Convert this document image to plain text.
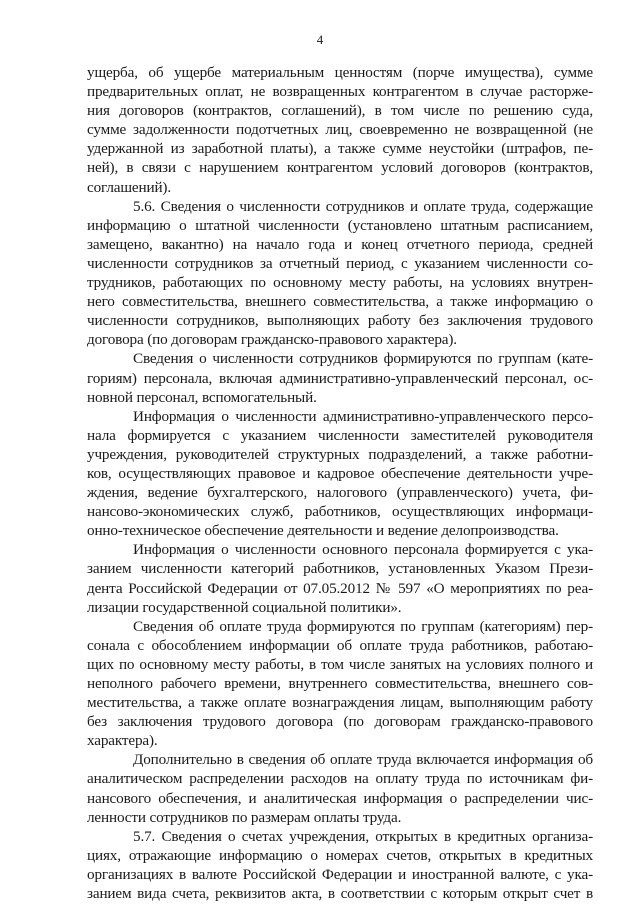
4
ущерба, об ущербе материальным ценностям (порче имущества), сумме
предварительных оплат, не возвращенных контрагентом в случае расторже-
ния договоров (контрактов, соглашений), в том числе по решению суда,
сумме задолженности подотчетных лиц, своевременно не возвращенной (не
удержанной из заработной платы), а также сумме неустойки (штрафов, пе-
ней), в связи с нарушением контрагентом условий договоров (контрактов,
соглашений).
5.6. Сведения о численности сотрудников и оплате труда, содержащие
информацию о штатной численности (установлено штатным расписанием,
замещено, вакантно) на начало года и конец отчетного периода, средней
численности сотрудников за отчетный период, с указанием численности со-
трудников, работающих по основному месту работы, на условиях внутрен-
него совместительства, внешнего совместительства, а также информацию о
численности сотрудников, выполняющих работу без заключения трудового
договора (по договорам гражданско-правового характера).
Сведения о численности сотрудников формируются по группам (кате-
гориям) персонала, включая административно-управленческий персонал, ос-
новной персонал, вспомогательный.
Информация о численности административно-управленческого персо-
нала формируется с указанием численности заместителей руководителя
учреждения, руководителей структурных подразделений, а также работни-
ков, осуществляющих правовое и кадровое обеспечение деятельности учре-
ждения, ведение бухгалтерского, налогового (управленческого) учета, фи-
нансово-экономических служб, работников, осуществляющих информаци-
онно-техническое обеспечение деятельности и ведение делопроизводства.
Информация о численности основного персонала формируется с ука-
занием численности категорий работников, установленных Указом Прези-
дента Российской Федерации от 07.05.2012 № 597 «О мероприятиях по реа-
лизации государственной социальной политики».
Сведения об оплате труда формируются по группам (категориям) пер-
сонала с обособлением информации об оплате труда работников, работаю-
щих по основному месту работы, в том числе занятых на условиях полного и
неполного рабочего времени, внутреннего совместительства, внешнего сов-
местительства, а также оплате вознаграждения лицам, выполняющим работу
без заключения трудового договора (по договорам гражданско-правового
характера).
Дополнительно в сведения об оплате труда включается информация об
аналитическом распределении расходов на оплату труда по источникам фи-
нансового обеспечения, и аналитическая информация о распределении чис-
ленности сотрудников по размерам оплаты труда.
5.7. Сведения о счетах учреждения, открытых в кредитных организа-
циях, отражающие информацию о номерах счетов, открытых в кредитных
организациях в валюте Российской Федерации и иностранной валюте, с ука-
занием вида счета, реквизитов акта, в соответствии с которым открыт счет в
